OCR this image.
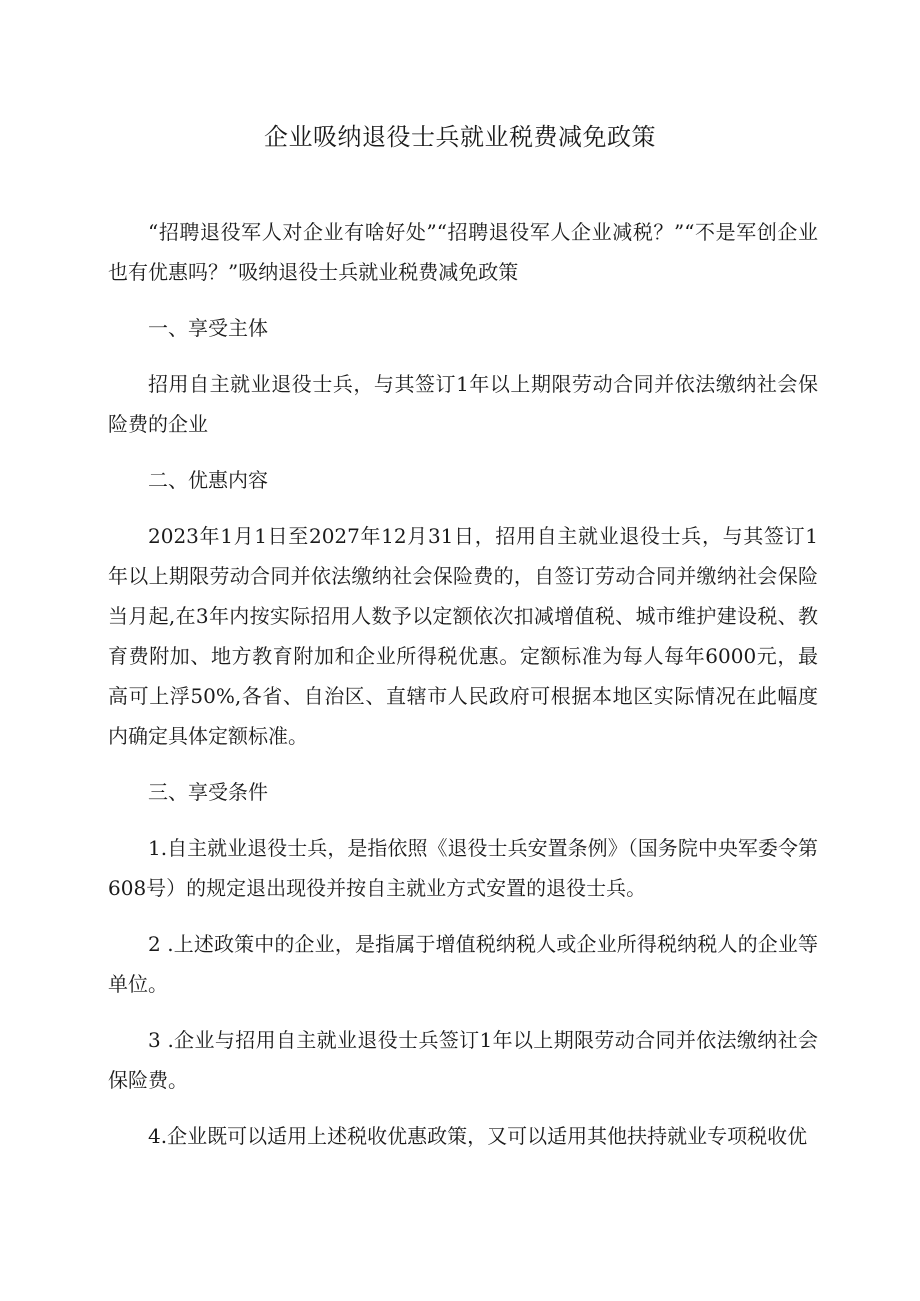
企业吸纳退役士兵就业税费减免政策

“招聘退役军人对企业有啥好处”“招聘退役军人企业减税？”“不是军创企业也有优惠吗？”吸纳退役士兵就业税费减免政策

一、享受主体

招用自主就业退役士兵，与其签订1年以上期限劳动合同并依法缴纳社会保险费的企业

二、优惠内容

2023年1月1日至2027年12月31日，招用自主就业退役士兵，与其签订1年以上期限劳动合同并依法缴纳社会保险费的，自签订劳动合同并缴纳社会保险当月起,在3年内按实际招用人数予以定额依次扣减增值税、城市维护建设税、教育费附加、地方教育附加和企业所得税优惠。定额标准为每人每年6000元，最高可上浮50%,各省、自治区、直辖市人民政府可根据本地区实际情况在此幅度内确定具体定额标准。

三、享受条件

1.自主就业退役士兵，是指依照《退役士兵安置条例》（国务院中央军委令第608号）的规定退出现役并按自主就业方式安置的退役士兵。

2 .上述政策中的企业，是指属于增值税纳税人或企业所得税纳税人的企业等单位。

3 .企业与招用自主就业退役士兵签订1年以上期限劳动合同并依法缴纳社会保险费。

4.企业既可以适用上述税收优惠政策，又可以适用其他扶持就业专项税收优
